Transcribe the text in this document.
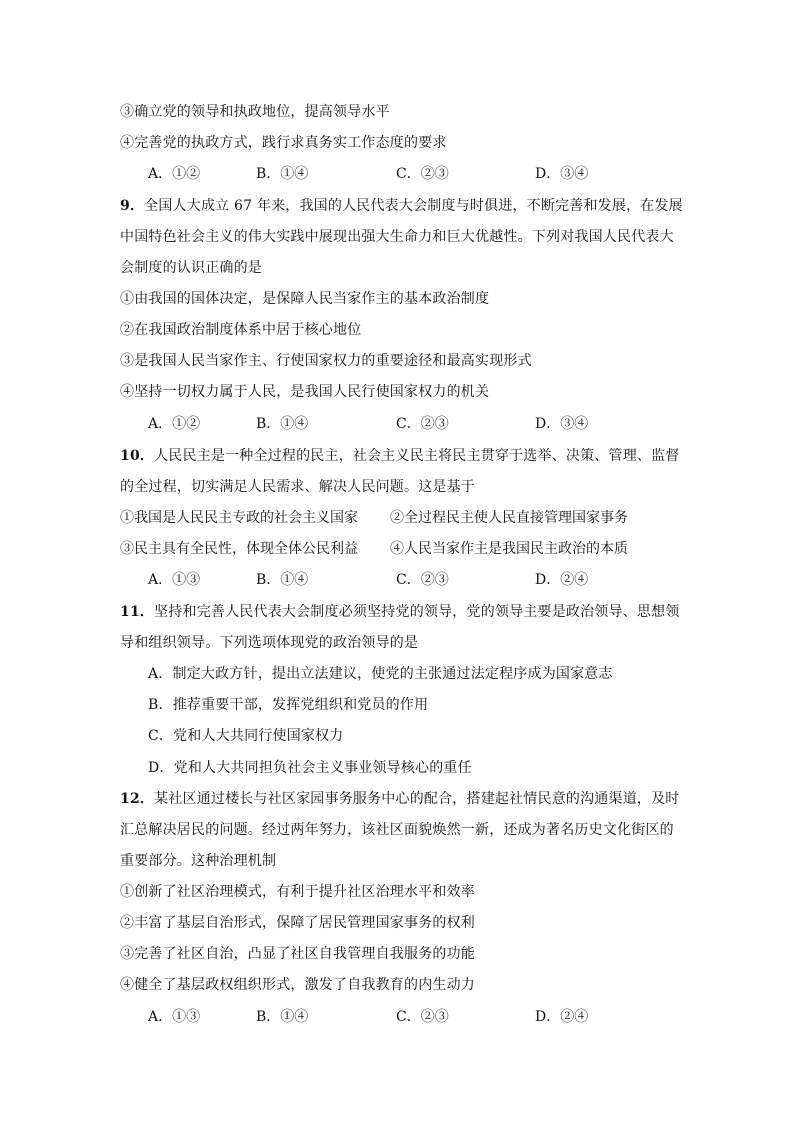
③确立党的领导和执政地位，提高领导水平
④完善党的执政方式，践行求真务实工作态度的要求
A．①②	B．①④	C．②③	D．③④
9．全国人大成立 67 年来，我国的人民代表大会制度与时俱进，不断完善和发展，在发展
中国特色社会主义的伟大实践中展现出强大生命力和巨大优越性。下列对我国人民代表大
会制度的认识正确的是
①由我国的国体决定，是保障人民当家作主的基本政治制度
②在我国政治制度体系中居于核心地位
③是我国人民当家作主、行使国家权力的重要途径和最高实现形式
④坚持一切权力属于人民，是我国人民行使国家权力的机关
A．①②	B．①④	C．②③	D．③④
10．人民民主是一种全过程的民主，社会主义民主将民主贯穿于选举、决策、管理、监督
的全过程，切实满足人民需求、解决人民问题。这是基于
①我国是人民民主专政的社会主义国家 ②全过程民主使人民直接管理国家事务
③民主具有全民性，体现全体公民利益 ④人民当家作主是我国民主政治的本质
A．①③	B．①④	C．②③	D．②④
11．坚持和完善人民代表大会制度必须坚持党的领导，党的领导主要是政治领导、思想领
导和组织领导。下列选项体现党的政治领导的是
A．制定大政方针，提出立法建议，使党的主张通过法定程序成为国家意志
B．推荐重要干部，发挥党组织和党员的作用
C．党和人大共同行使国家权力
D．党和人大共同担负社会主义事业领导核心的重任
12．某社区通过楼长与社区家园事务服务中心的配合，搭建起社情民意的沟通渠道，及时
汇总解决居民的问题。经过两年努力，该社区面貌焕然一新，还成为著名历史文化街区的
重要部分。这种治理机制
①创新了社区治理模式，有利于提升社区治理水平和效率
②丰富了基层自治形式，保障了居民管理国家事务的权利
③完善了社区自治，凸显了社区自我管理自我服务的功能
④健全了基层政权组织形式，激发了自我教育的内生动力
A．①③	B．①④	C．②③	D．②④
